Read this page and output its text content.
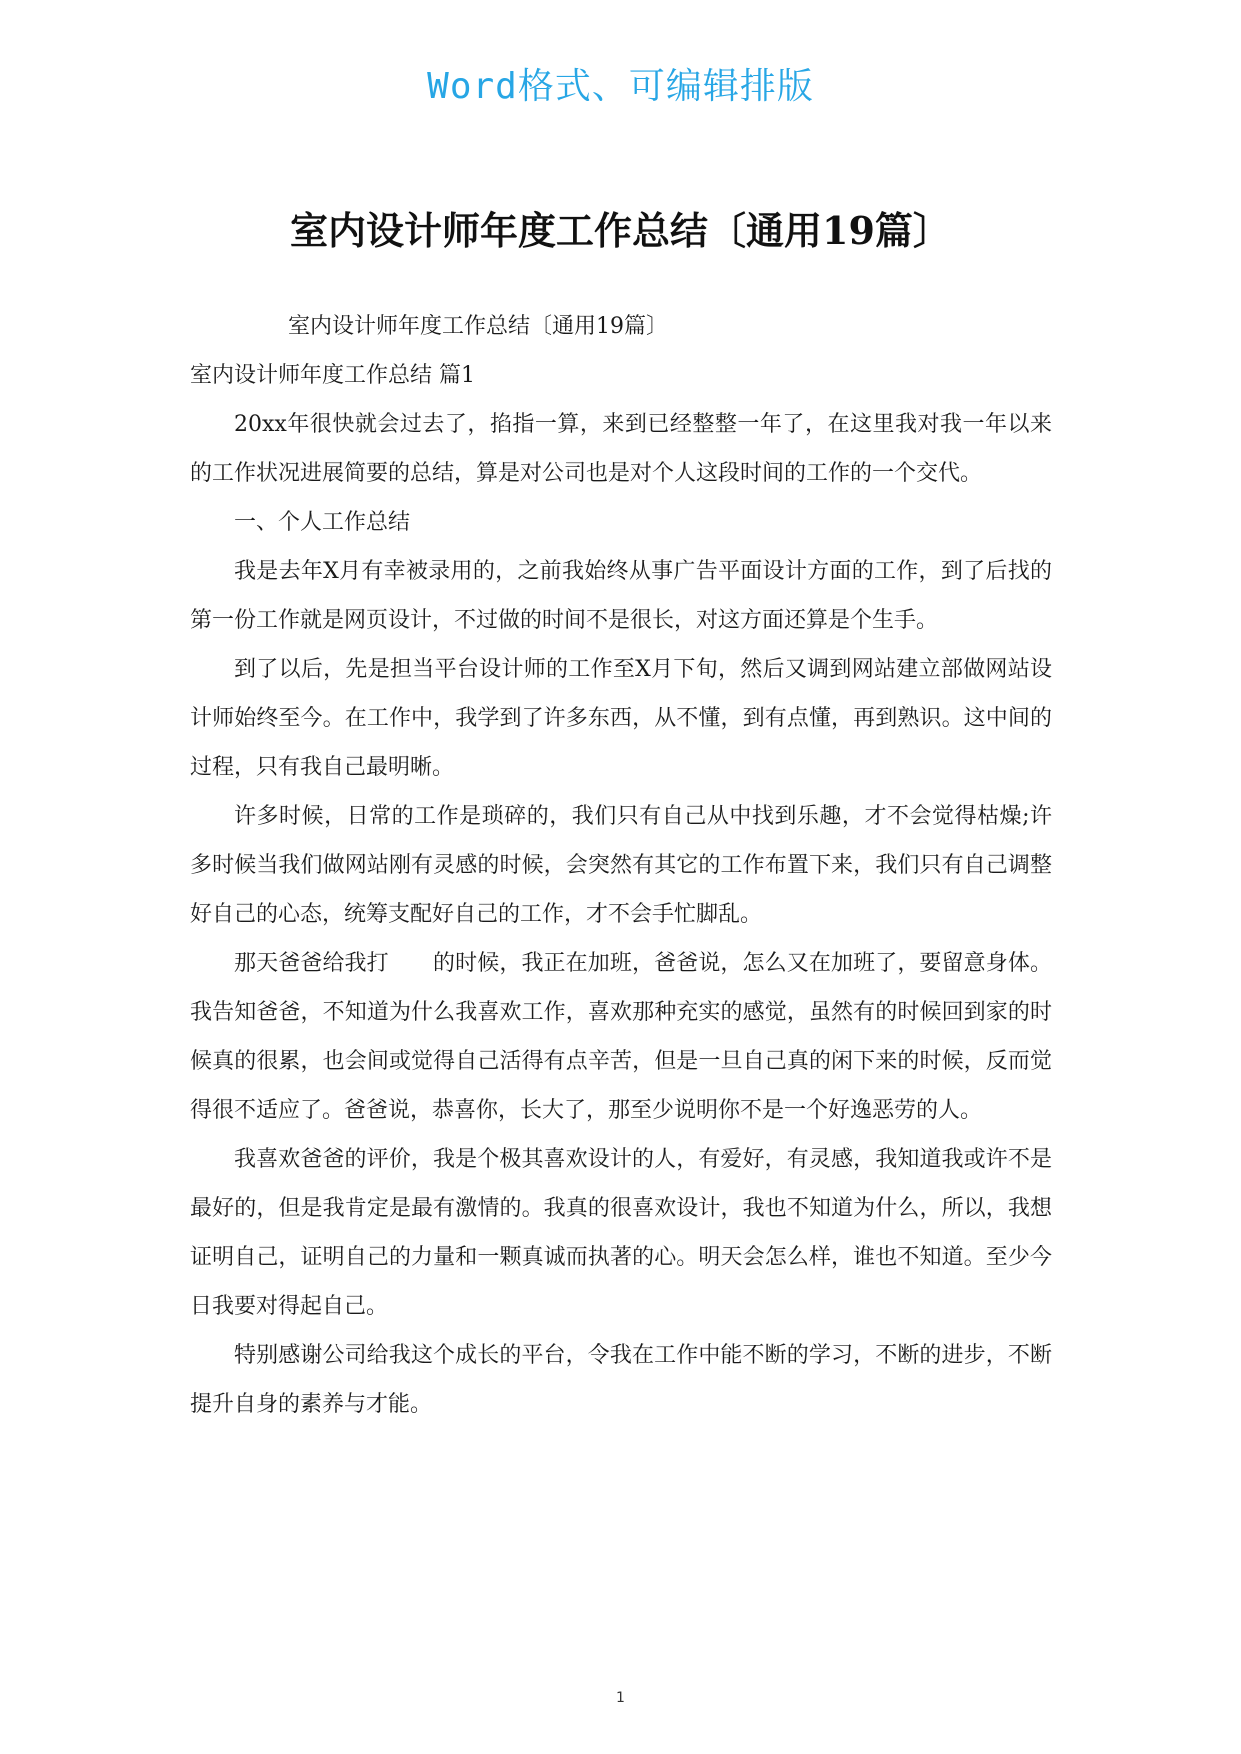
Word格式、可编辑排版
室内设计师年度工作总结〔通用19篇〕

室内设计师年度工作总结〔通用19篇〕

室内设计师年度工作总结 篇1

20xx年很快就会过去了，掐指一算，来到已经整整一年了，在这里我对我一年以来的工作状况进展简要的总结，算是对公司也是对个人这段时间的工作的一个交代。

一、个人工作总结

我是去年X月有幸被录用的，之前我始终从事广告平面设计方面的工作，到了后找的第一份工作就是网页设计，不过做的时间不是很长，对这方面还算是个生手。

到了以后，先是担当平台设计师的工作至X月下旬，然后又调到网站建立部做网站设计师始终至今。在工作中，我学到了许多东西，从不懂，到有点懂，再到熟识。这中间的过程，只有我自己最明晰。

许多时候，日常的工作是琐碎的，我们只有自己从中找到乐趣，才不会觉得枯燥;许多时候当我们做网站刚有灵感的时候，会突然有其它的工作布置下来，我们只有自己调整好自己的心态，统筹支配好自己的工作，才不会手忙脚乱。

那天爸爸给我打　　的时候，我正在加班，爸爸说，怎么又在加班了，要留意身体。我告知爸爸，不知道为什么我喜欢工作，喜欢那种充实的感觉，虽然有的时候回到家的时候真的很累，也会间或觉得自己活得有点辛苦，但是一旦自己真的闲下来的时候，反而觉得很不适应了。爸爸说，恭喜你，长大了，那至少说明你不是一个好逸恶劳的人。

我喜欢爸爸的评价，我是个极其喜欢设计的人，有爱好，有灵感，我知道我或许不是最好的，但是我肯定是最有激情的。我真的很喜欢设计，我也不知道为什么，所以，我想证明自己，证明自己的力量和一颗真诚而执著的心。明天会怎么样，谁也不知道。至少今日我要对得起自己。

特别感谢公司给我这个成长的平台，令我在工作中能不断的学习，不断的进步，不断提升自身的素养与才能。

1
